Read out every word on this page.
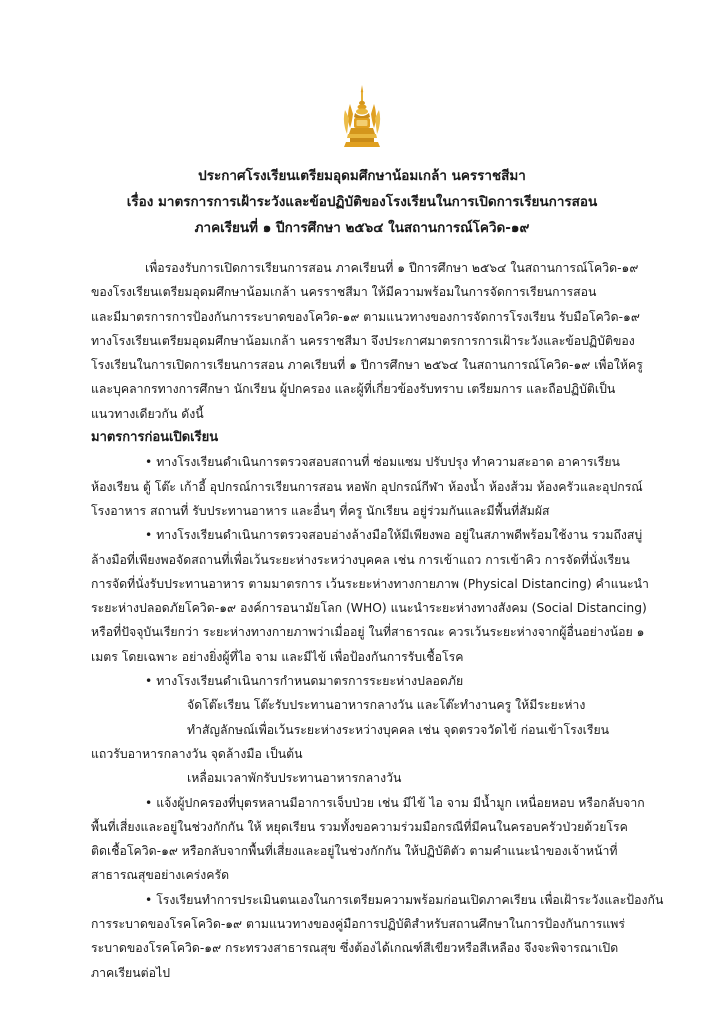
ประกาศโรงเรียนเตรียมอุดมศึกษาน้อมเกล้า นครราชสีมา
เรื่อง มาตรการการเฝ้าระวังและข้อปฏิบัติของโรงเรียนในการเปิดการเรียนการสอน
ภาคเรียนที่ ๑ ปีการศึกษา ๒๕๖๔ ในสถานการณ์โควิด-๑๙
เพื่อรองรับการเปิดการเรียนการสอน ภาคเรียนที่ ๑ ปีการศึกษา ๒๕๖๔ ในสถานการณ์โควิด-๑๙
ของโรงเรียนเตรียมอุดมศึกษาน้อมเกล้า นครราชสีมา ให้มีความพร้อมในการจัดการเรียนการสอน
และมีมาตรการการป้องกันการระบาดของโควิด-๑๙ ตามแนวทางของการจัดการโรงเรียน รับมือโควิด-๑๙
ทางโรงเรียนเตรียมอุดมศึกษาน้อมเกล้า นครราชสีมา จึงประกาศมาตรการการเฝ้าระวังและข้อปฏิบัติของ
โรงเรียนในการเปิดการเรียนการสอน ภาคเรียนที่ ๑ ปีการศึกษา ๒๕๖๔ ในสถานการณ์โควิด-๑๙ เพื่อให้ครู
และบุคลากรทางการศึกษา นักเรียน ผู้ปกครอง และผู้ที่เกี่ยวข้องรับทราบ เตรียมการ และถือปฏิบัติเป็น
แนวทางเดียวกัน ดังนี้
มาตรการก่อนเปิดเรียน
• ทางโรงเรียนดำเนินการตรวจสอบสถานที่ ซ่อมแซม ปรับปรุง ทำความสะอาด อาคารเรียน
ห้องเรียน ตู้ โต๊ะ เก้าอี้ อุปกรณ์การเรียนการสอน หอพัก อุปกรณ์กีฬา ห้องน้ำ ห้องส้วม ห้องครัวและอุปกรณ์
โรงอาหาร สถานที่ รับประทานอาหาร และอื่นๆ ที่ครู นักเรียน อยู่ร่วมกันและมีพื้นที่สัมผัส
• ทางโรงเรียนดำเนินการตรวจสอบอ่างล้างมือให้มีเพียงพอ อยู่ในสภาพดีพร้อมใช้งาน รวมถึงสบู่
ล้างมือที่เพียงพอจัดสถานที่เพื่อเว้นระยะห่างระหว่างบุคคล เช่น การเข้าแถว การเข้าคิว การจัดที่นั่งเรียน
การจัดที่นั่งรับประทานอาหาร ตามมาตรการ เว้นระยะห่างทางกายภาพ (Physical Distancing) คำแนะนำ
ระยะห่างปลอดภัยโควิด-๑๙ องค์การอนามัยโลก (WHO) แนะนำระยะห่างทางสังคม (Social Distancing)
หรือที่ปัจจุบันเรียกว่า ระยะห่างทางกายภาพว่าเมื่ออยู่ ในที่สาธารณะ ควรเว้นระยะห่างจากผู้อื่นอย่างน้อย ๑
เมตร โดยเฉพาะ อย่างยิ่งผู้ที่ไอ จาม และมีไข้ เพื่อป้องกันการรับเชื้อโรค
• ทางโรงเรียนดำเนินการกำหนดมาตรการระยะห่างปลอดภัย
จัดโต๊ะเรียน โต๊ะรับประทานอาหารกลางวัน และโต๊ะทำงานครู ให้มีระยะห่าง
ทำสัญลักษณ์เพื่อเว้นระยะห่างระหว่างบุคคล เช่น จุดตรวจวัดไข้ ก่อนเข้าโรงเรียน
แถวรับอาหารกลางวัน จุดล้างมือ เป็นต้น
เหลื่อมเวลาพักรับประทานอาหารกลางวัน
• แจ้งผู้ปกครองที่บุตรหลานมีอาการเจ็บป่วย เช่น มีไข้ ไอ จาม มีน้ำมูก เหนื่อยหอบ หรือกลับจาก
พื้นที่เสี่ยงและอยู่ในช่วงกักกัน ให้ หยุดเรียน รวมทั้งขอความร่วมมือกรณีที่มีคนในครอบครัวป่วยด้วยโรค
ติดเชื้อโควิด-๑๙ หรือกลับจากพื้นที่เสี่ยงและอยู่ในช่วงกักกัน ให้ปฏิบัติตัว ตามคำแนะนำของเจ้าหน้าที่
สาธารณสุขอย่างเคร่งครัด
• โรงเรียนทำการประเมินตนเองในการเตรียมความพร้อมก่อนเปิดภาคเรียน เพื่อเฝ้าระวังและป้องกัน
การระบาดของโรคโควิด-๑๙ ตามแนวทางของคู่มือการปฏิบัติสำหรับสถานศึกษาในการป้องกันการแพร่
ระบาดของโรคโควิด-๑๙ กระทรวงสาธารณสุข ซึ่งต้องได้เกณฑ์สีเขียวหรือสีเหลือง จึงจะพิจารณาเปิด
ภาคเรียนต่อไป
